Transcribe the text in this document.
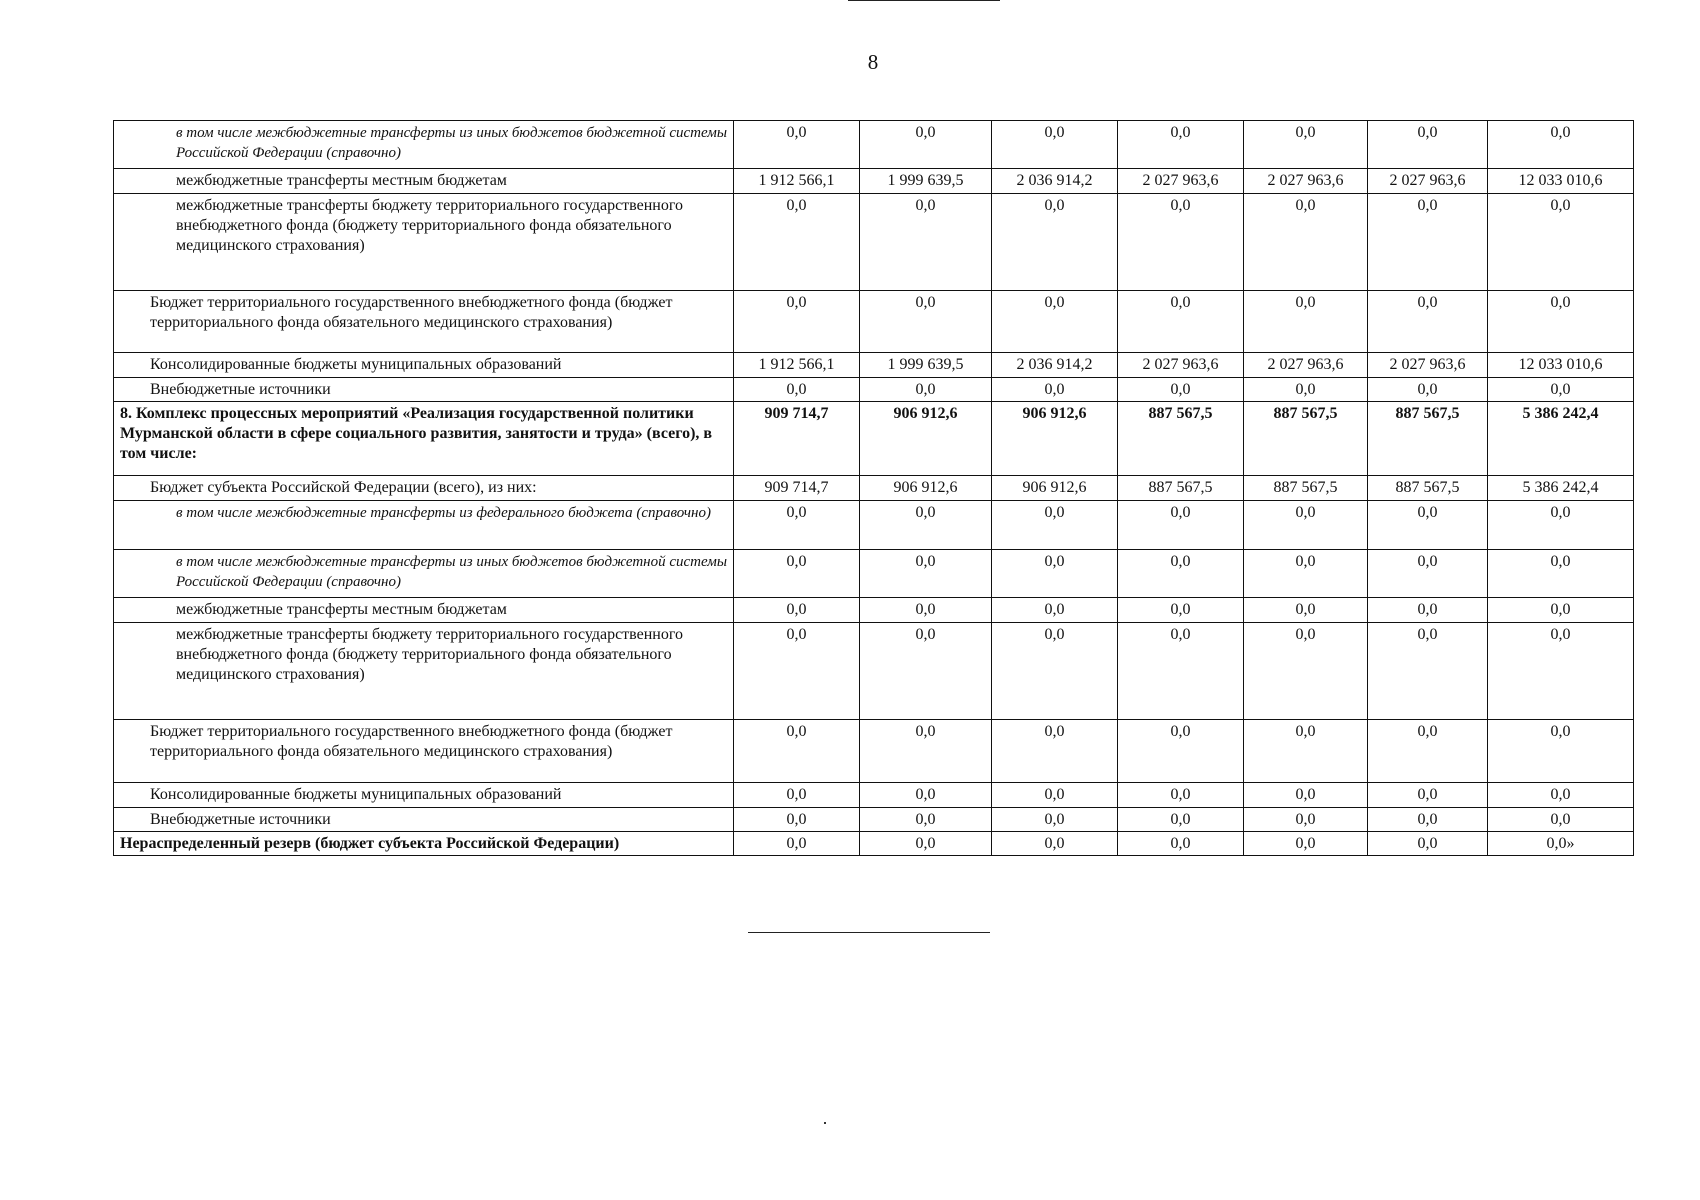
8
в том числе межбюджетные трансферты из иных бюджетов бюджетной системы Российской Федерации (справочно)	0,0	0,0	0,0	0,0	0,0	0,0	0,0
межбюджетные трансферты местным бюджетам	1 912 566,1	1 999 639,5	2 036 914,2	2 027 963,6	2 027 963,6	2 027 963,6	12 033 010,6
межбюджетные трансферты бюджету территориального государственного внебюджетного фонда (бюджету территориального фонда обязательного медицинского страхования)	0,0	0,0	0,0	0,0	0,0	0,0	0,0
Бюджет территориального государственного внебюджетного фонда (бюджет территориального фонда обязательного медицинского страхования)	0,0	0,0	0,0	0,0	0,0	0,0	0,0
Консолидированные бюджеты муниципальных образований	1 912 566,1	1 999 639,5	2 036 914,2	2 027 963,6	2 027 963,6	2 027 963,6	12 033 010,6
Внебюджетные источники	0,0	0,0	0,0	0,0	0,0	0,0	0,0
8. Комплекс процессных мероприятий «Реализация государственной политики Мурманской области в сфере социального развития, занятости и труда» (всего), в том числе:	909 714,7	906 912,6	906 912,6	887 567,5	887 567,5	887 567,5	5 386 242,4
Бюджет субъекта Российской Федерации (всего), из них:	909 714,7	906 912,6	906 912,6	887 567,5	887 567,5	887 567,5	5 386 242,4
в том числе межбюджетные трансферты из федерального бюджета (справочно)	0,0	0,0	0,0	0,0	0,0	0,0	0,0
в том числе межбюджетные трансферты из иных бюджетов бюджетной системы Российской Федерации (справочно)	0,0	0,0	0,0	0,0	0,0	0,0	0,0
межбюджетные трансферты местным бюджетам	0,0	0,0	0,0	0,0	0,0	0,0	0,0
межбюджетные трансферты бюджету территориального государственного внебюджетного фонда (бюджету территориального фонда обязательного медицинского страхования)	0,0	0,0	0,0	0,0	0,0	0,0	0,0
Бюджет территориального государственного внебюджетного фонда (бюджет территориального фонда обязательного медицинского страхования)	0,0	0,0	0,0	0,0	0,0	0,0	0,0
Консолидированные бюджеты муниципальных образований	0,0	0,0	0,0	0,0	0,0	0,0	0,0
Внебюджетные источники	0,0	0,0	0,0	0,0	0,0	0,0	0,0
Нераспределенный резерв (бюджет субъекта Российской Федерации)	0,0	0,0	0,0	0,0	0,0	0,0	0,0»
